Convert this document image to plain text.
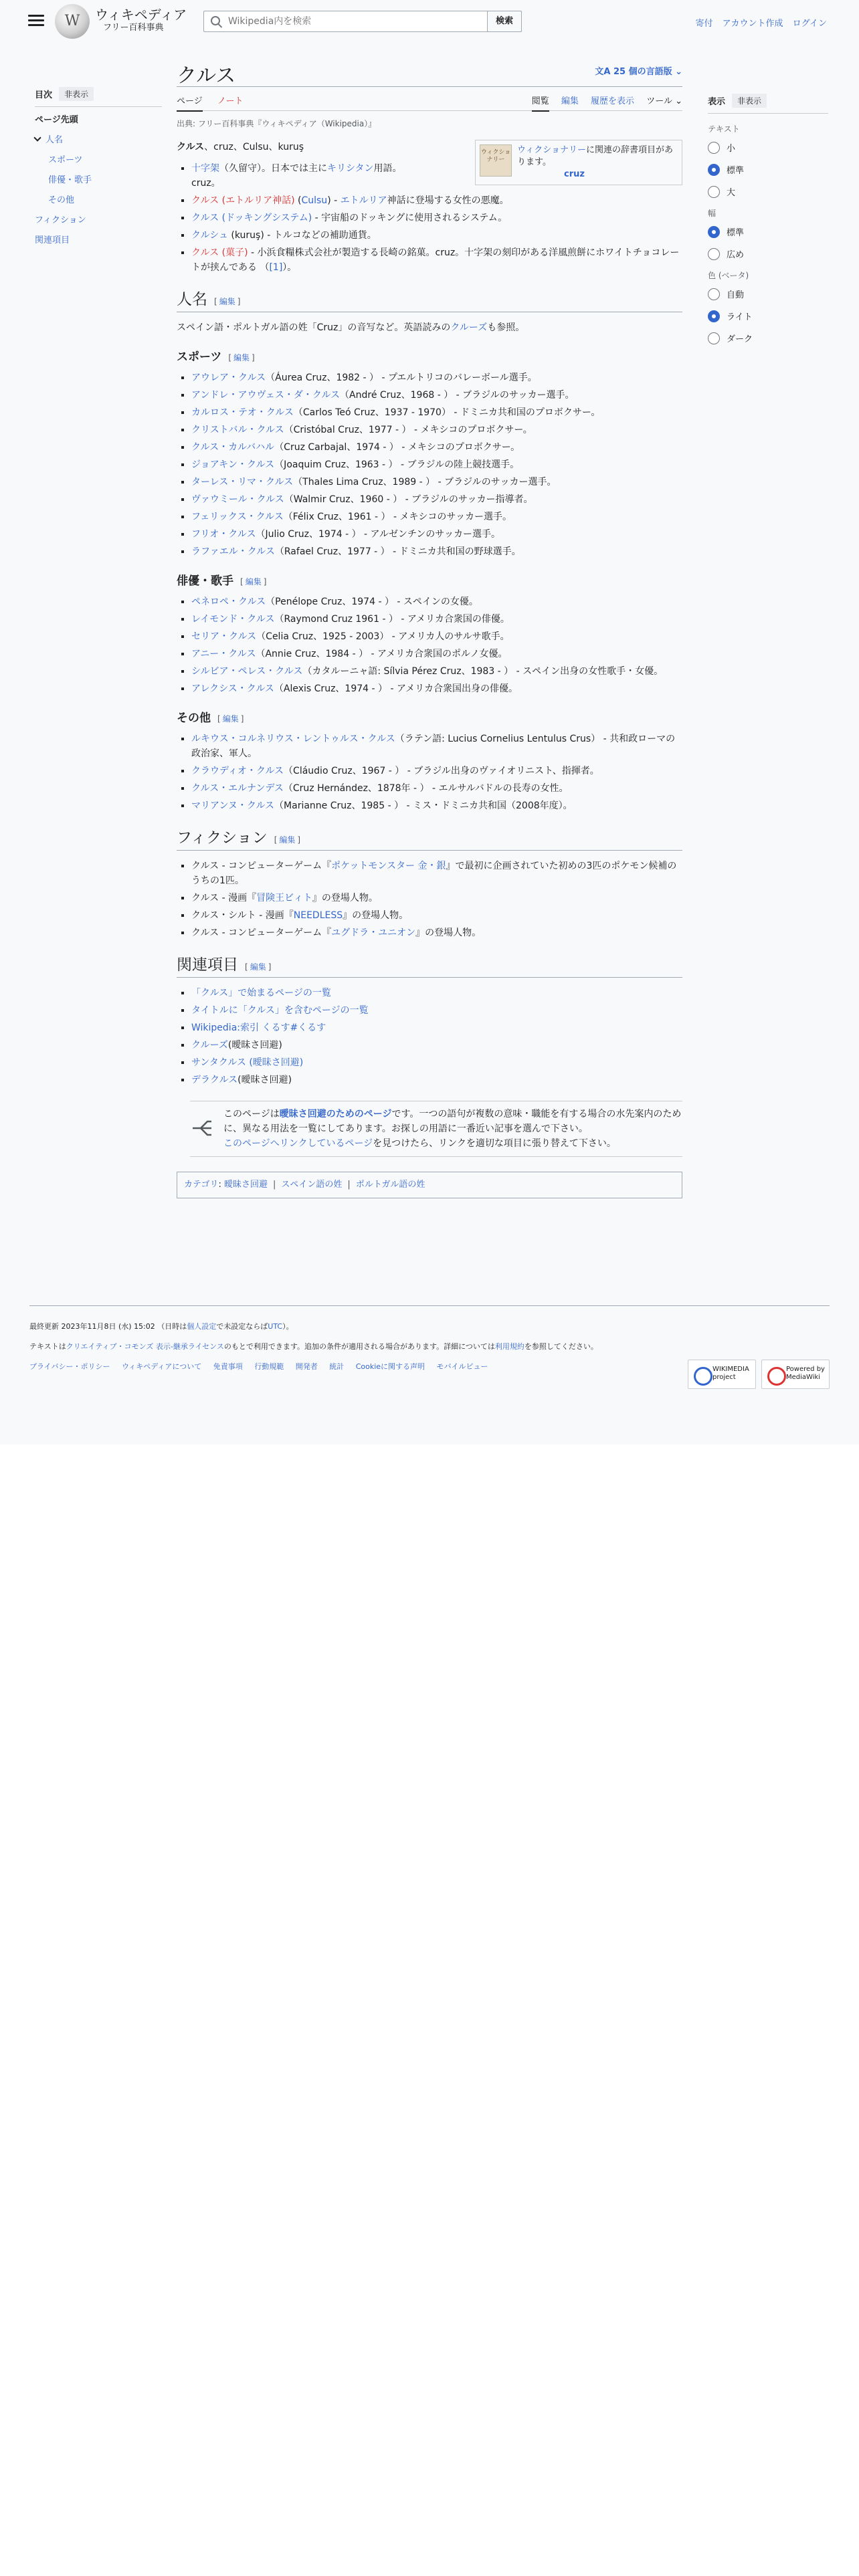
W
ウィキペディア
フリー百科事典
Wikipedia内を検索
検索	寄付 アカウント作成 ログイン
目次	非表示
ページ先頭
人名
スポーツ
俳優・歌手
その他
フィクション
関連項目
表示	非表示
テキスト
小
標準
大
幅
標準
広め
色 (ベータ)
自動
ライト
ダーク
クルス	文A 25 個の言語版 ⌄
ページ ノート	閲覧 編集 履歴を表示 ツール ⌄
出典: フリー百科事典『ウィキペディア（Wikipedia）』
ウィクショナリー
ウィクショナリーに関連の辞書項目があります。
cruz

クルス、cruz、Culsu、kuruş

▪ 十字架（久留守）。日本では主にキリシタン用語。
cruz。
▪ クルス (エトルリア神話) (Culsu) - エトルリア神話に登場する女性の悪魔。
▪ クルス (ドッキングシステム) - 宇宙船のドッキングに使用されるシステム。
▪ クルシュ (kuruş) - トルコなどの補助通貨。
▪ クルス (菓子) - 小浜食糧株式会社が製造する長崎の銘菓。cruz。十字架の刻印がある洋風煎餅にホワイトチョコレートが挟んである （[1]）。
人名 [ 編集 ]

スペイン語・ポルトガル語の姓「Cruz」の音写など。英語読みのクルーズも参照。

スポーツ [ 編集 ]
▪ アウレア・クルス（Áurea Cruz、1982 - ） - プエルトリコのバレーボール選手。
▪ アンドレ・アウヴェス・ダ・クルス（André Cruz、1968 - ） - ブラジルのサッカー選手。
▪ カルロス・テオ・クルス（Carlos Teó Cruz、1937 - 1970） - ドミニカ共和国のプロボクサー。
▪ クリストバル・クルス（Cristóbal Cruz、1977 - ） - メキシコのプロボクサー。
▪ クルス・カルバハル（Cruz Carbajal、1974 - ） - メキシコのプロボクサー。
▪ ジョアキン・クルス（Joaquim Cruz、1963 - ） - ブラジルの陸上競技選手。
▪ ターレス・リマ・クルス（Thales Lima Cruz、1989 - ） - ブラジルのサッカー選手。
▪ ヴァウミール・クルス（Walmir Cruz、1960 - ） - ブラジルのサッカー指導者。
▪ フェリックス・クルス（Félix Cruz、1961 - ） - メキシコのサッカー選手。
▪ フリオ・クルス（Julio Cruz、1974 - ） - アルゼンチンのサッカー選手。
▪ ラファエル・クルス（Rafael Cruz、1977 - ） - ドミニカ共和国の野球選手。
俳優・歌手 [ 編集 ]
▪ ペネロペ・クルス（Penélope Cruz、1974 - ） - スペインの女優。
▪ レイモンド・クルス（Raymond Cruz 1961 - ） - アメリカ合衆国の俳優。
▪ セリア・クルス（Celia Cruz、1925 - 2003） - アメリカ人のサルサ歌手。
▪ アニー・クルス（Annie Cruz、1984 - ） - アメリカ合衆国のポルノ女優。
▪ シルビア・ペレス・クルス（カタルーニャ語: Sílvia Pérez Cruz、1983 - ） - スペイン出身の女性歌手・女優。
▪ アレクシス・クルス（Alexis Cruz、1974 - ） - アメリカ合衆国出身の俳優。
その他 [ 編集 ]
▪ ルキウス・コルネリウス・レントゥルス・クルス（ラテン語: Lucius Cornelius Lentulus Crus） - 共和政ローマの政治家、軍人。
▪ クラウディオ・クルス（Cláudio Cruz、1967 - ） - ブラジル出身のヴァイオリニスト、指揮者。
▪ クルス・エルナンデス（Cruz Hernández、1878年 - ） - エルサルバドルの長寿の女性。
▪ マリアンヌ・クルス（Marianne Cruz、1985 - ） - ミス・ドミニカ共和国（2008年度）。
フィクション [ 編集 ]
▪ クルス - コンピューターゲーム『ポケットモンスター 金・銀』で最初に企画されていた初めの3匹のポケモン候補のうちの1匹。
▪ クルス - 漫画『冒険王ビィト』の登場人物。
▪ クルス・シルト - 漫画『NEEDLESS』の登場人物。
▪ クルス - コンピューターゲーム『ユグドラ・ユニオン』の登場人物。
関連項目 [ 編集 ]
▪ 「クルス」で始まるページの一覧
▪ タイトルに「クルス」を含むページの一覧
▪ Wikipedia:索引 くるす#くるす
▪ クルーズ(曖昧さ回避)
▪ サンタクルス (曖昧さ回避)
▪ デラクルス(曖昧さ回避)
このページは曖昧さ回避のためのページです。一つの語句が複数の意味・職能を有する場合の水先案内のために、異なる用法を一覧にしてあります。お探しの用語に一番近い記事を選んで下さい。
このページへリンクしているページを見つけたら、リンクを適切な項目に張り替えて下さい。
カテゴリ: 曖昧さ回避 | スペイン語の姓 | ポルトガル語の姓

最終更新 2023年11月8日 (水) 15:02 （日時は個人設定で未設定ならばUTC）。

テキストはクリエイティブ・コモンズ 表示-継承ライセンスのもとで利用できます。追加の条件が適用される場合があります。詳細については利用規約を参照してください。

プライバシー・ポリシー ウィキペディアについて 免責事項 行動規範 開発者 統計 Cookieに関する声明 モバイルビュー	WIKIMEDIA project
Powered by MediaWiki
